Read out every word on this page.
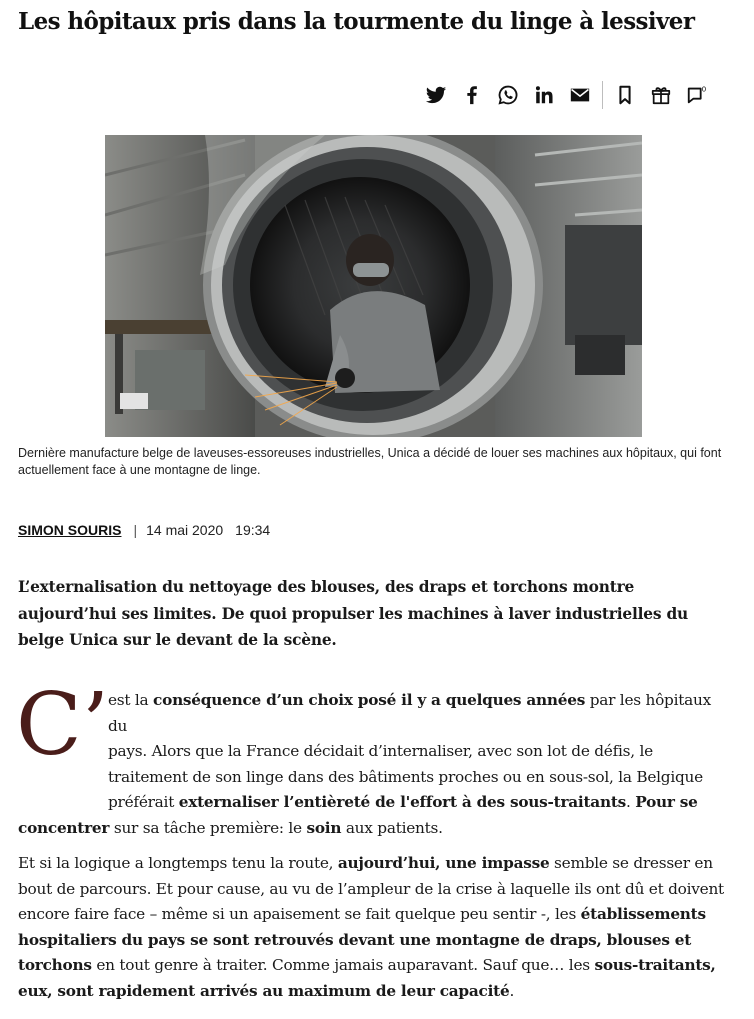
Les hôpitaux pris dans la tourmente du linge à lessiver
0
Dernière manufacture belge de laveuses-essoreuses industrielles, Unica a décidé de louer ses machines aux hôpitaux, qui font actuellement face à une montagne de linge.
SIMON SOURIS | 14 mai 2020 19:34

L’externalisation du nettoyage des blouses, des draps et torchons montre aujourd’hui ses limites. De quoi propulser les machines à laver industrielles du belge Unica sur le devant de la scène.

C’

est la conséquence d’un choix posé il y a quelques années par les hôpitaux du
pays. Alors que la France décidait d’internaliser, avec son lot de défis, le
traitement de son linge dans des bâtiments proches ou en sous-sol, la Belgique
préférait externaliser l’entièreté de l'effort à des sous-traitants. Pour se
concentrer sur sa tâche première: le soin aux patients.

Et si la logique a longtemps tenu la route, aujourd’hui, une impasse semble se dresser en bout de parcours. Et pour cause, au vu de l’ampleur de la crise à laquelle ils ont dû et doivent encore faire face – même si un apaisement se fait quelque peu sentir -, les établissements hospitaliers du pays se sont retrouvés devant une montagne de draps, blouses et torchons en tout genre à traiter. Comme jamais auparavant. Sauf que… les sous-traitants, eux, sont rapidement arrivés au maximum de leur capacité.
